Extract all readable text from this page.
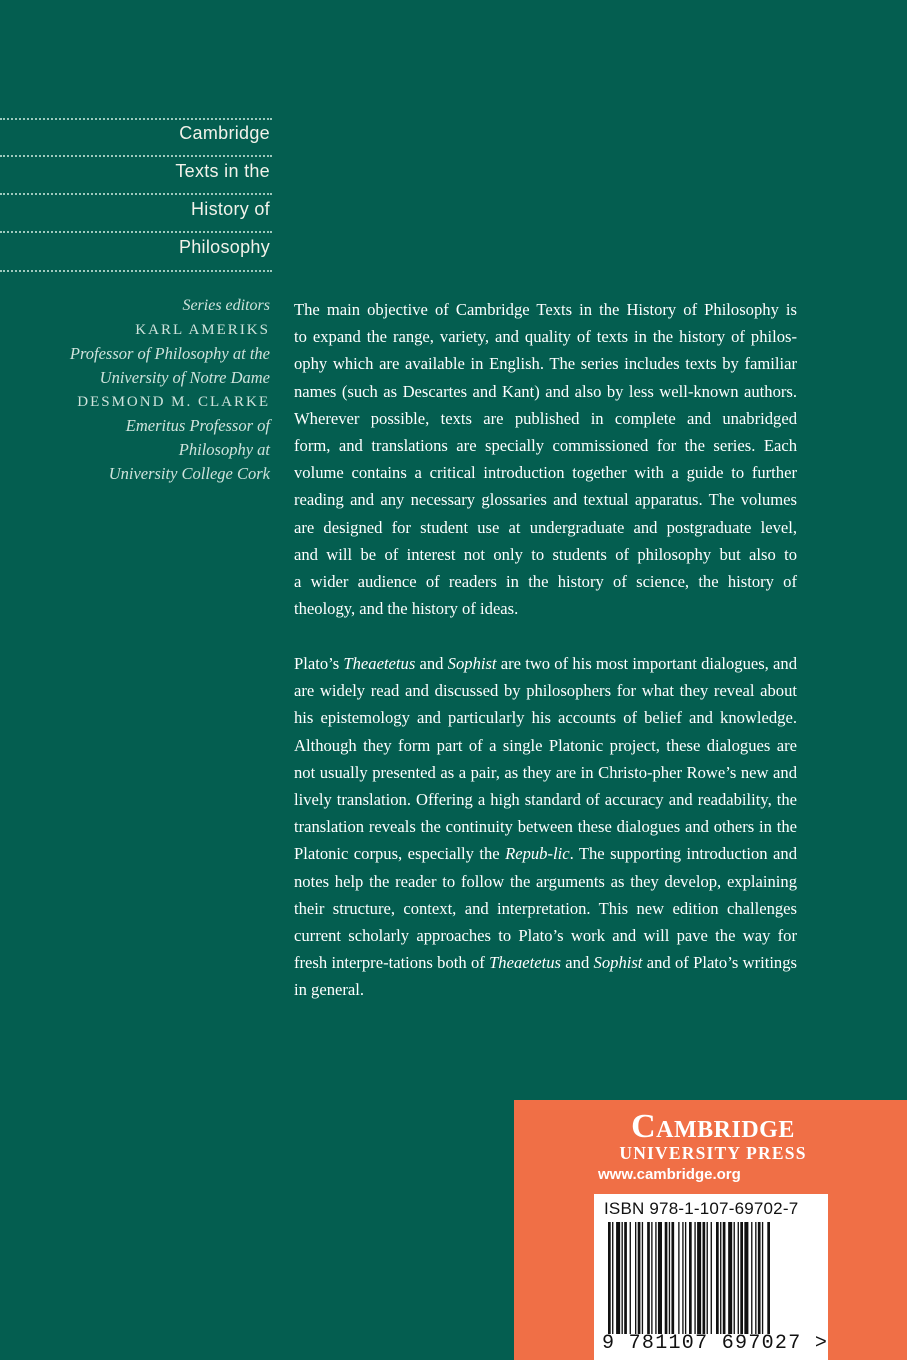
Cambridge
Texts in the
History of
Philosophy
Series editors
KARL AMERIKS
Professor of Philosophy at the
University of Notre Dame
DESMOND M. CLARKE
Emeritus Professor of
Philosophy at
University College Cork
The main objective of Cambridge Texts in the History of Philosophy is
to expand the range, variety, and quality of texts in the history of philos-
ophy which are available in English. The series includes texts by familiar
names (such as Descartes and Kant) and also by less well-known authors.
Wherever possible, texts are published in complete and unabridged
form, and translations are specially commissioned for the series. Each
volume contains a critical introduction together with a guide to further
reading and any necessary glossaries and textual apparatus. The volumes
are designed for student use at undergraduate and postgraduate level,
and will be of interest not only to students of philosophy but also to
a wider audience of readers in the history of science, the history of
theology, and the history of ideas.

Plato’s Theaetetus and Sophist are two of his most important dialogues, and are widely read and discussed by philosophers for what they reveal about his epistemology and particularly his accounts of belief and knowledge. Although they form part of a single Platonic project, these dialogues are not usually presented as a pair, as they are in Christo-pher Rowe’s new and lively translation. Offering a high standard of accuracy and readability, the translation reveals the continuity between these dialogues and others in the Platonic corpus, especially the Repub-lic. The supporting introduction and notes help the reader to follow the arguments as they develop, explaining their structure, context, and interpretation. This new edition challenges current scholarly approaches to Plato’s work and will pave the way for fresh interpre-tations both of Theaetetus and Sophist and of Plato’s writings in general.

Cambridge
UNIVERSITY PRESS
www.cambridge.org
ISBN 978-1-107-69702-7
9 781107 697027 >
